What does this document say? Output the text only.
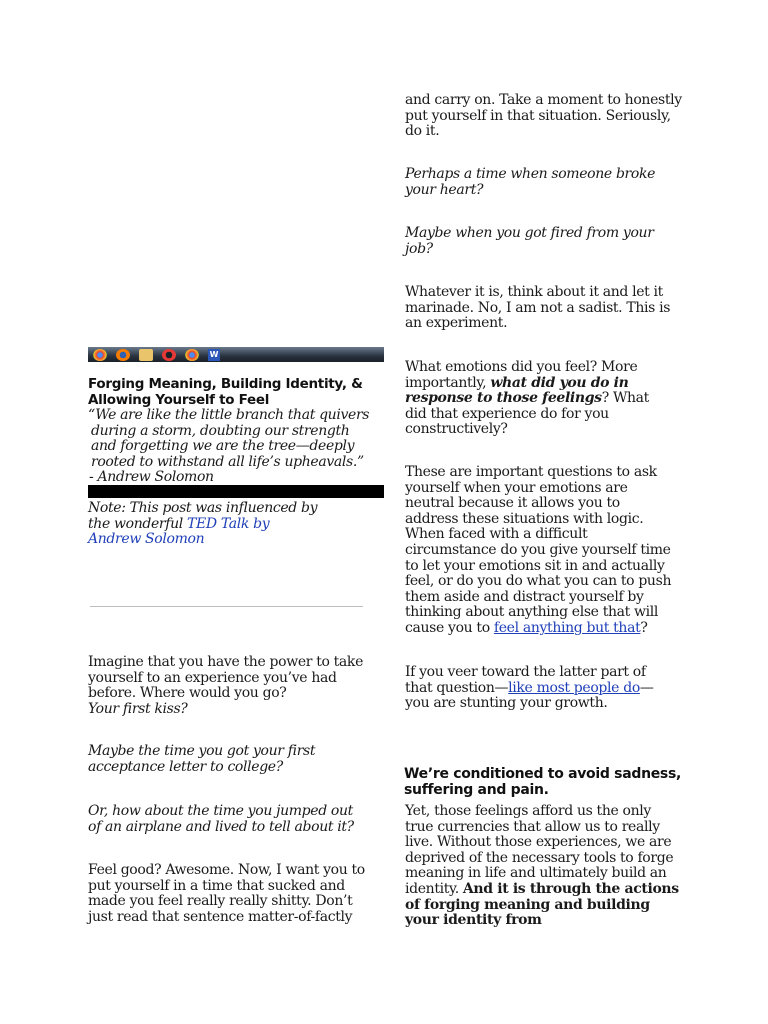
W

Forging Meaning, Building Identity, &

Allowing Yourself to Feel

“We are like the little branch that quivers

during a storm, doubting our strength

and forgetting we are the tree—deeply

rooted to withstand all life’s upheavals.”

- Andrew Solomon

Note: This post was influenced by the wonderful TED Talk by Andrew Solomon

Imagine that you have the power to take yourself to an experience you’ve had before. Where would you go?

Your first kiss?

Maybe the time you got your first acceptance letter to college?

Or, how about the time you jumped out of an airplane and lived to tell about it?

Feel good? Awesome. Now, I want you to put yourself in a time that sucked and made you feel really really shitty. Don’t just read that sentence matter-of-factly

and carry on. Take a moment to honestly put yourself in that situation. Seriously, do it.

Perhaps a time when someone broke your heart?

Maybe when you got fired from your job?

Whatever it is, think about it and let it marinade. No, I am not a sadist. This is an experiment.

What emotions did you feel? More importantly, what did you do in response to those feelings? What did that experience do for you constructively?

These are important questions to ask yourself when your emotions are neutral because it allows you to address these situations with logic. When faced with a difficult circumstance do you give yourself time to let your emotions sit in and actually feel, or do you do what you can to push them aside and distract yourself by thinking about anything else that will cause you to feel anything but that?

If you veer toward the latter part of that question—like most people do—you are stunting your growth.

We’re conditioned to avoid sadness,

suffering and pain.

Yet, those feelings afford us the only true currencies that allow us to really live. Without those experiences, we are deprived of the necessary tools to forge meaning in life and ultimately build an identity. And it is through the actions of forging meaning and building your identity from
